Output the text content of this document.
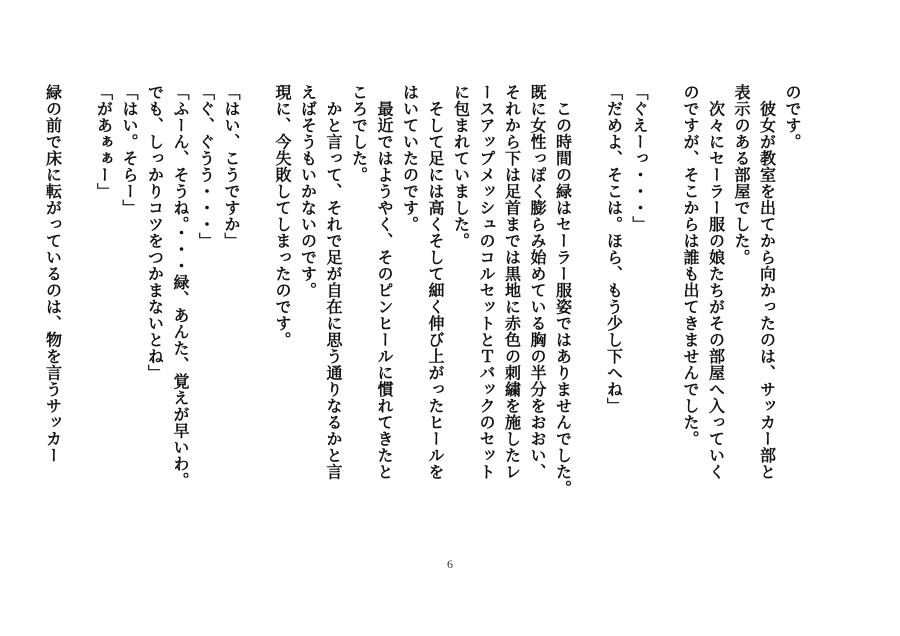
のです。
　彼女が教室を出てから向かったのは、サッカー部と
表示のある部屋でした。
　次々にセーラー服の娘たちがその部屋へ入っていく
のですが、そこからは誰も出てきませんでした。
「ぐえーっ・・・」
「だめよ、そこは。ほら、もう少し下へね」
　この時間の緑はセーラー服姿ではありませんでした。
既に女性っぽく膨らみ始めている胸の半分をおおい、
それから下は足首までは黒地に赤色の刺繍を施したレ
ースアップメッシュのコルセットとＴバックのセット
に包まれていました。
　そして足には高くそして細く伸び上がったヒールを
はいていたのです。
　最近ではようやく、そのピンヒールに慣れてきたと
ころでした。
　かと言って、それで足が自在に思う通りなるかと言
えばそうもいかないのです。
現に、今失敗してしまったのです。
「はい、こうですか」
「ぐ、ぐうう・・・」
「ふーん、そうね。・・・緑、あんた、覚えが早いわ。
でも、しっかりコツをつかまないとね」
「はい。そらー」
「があぁぁー」
緑の前で床に転がっているのは、物を言うサッカー
6
